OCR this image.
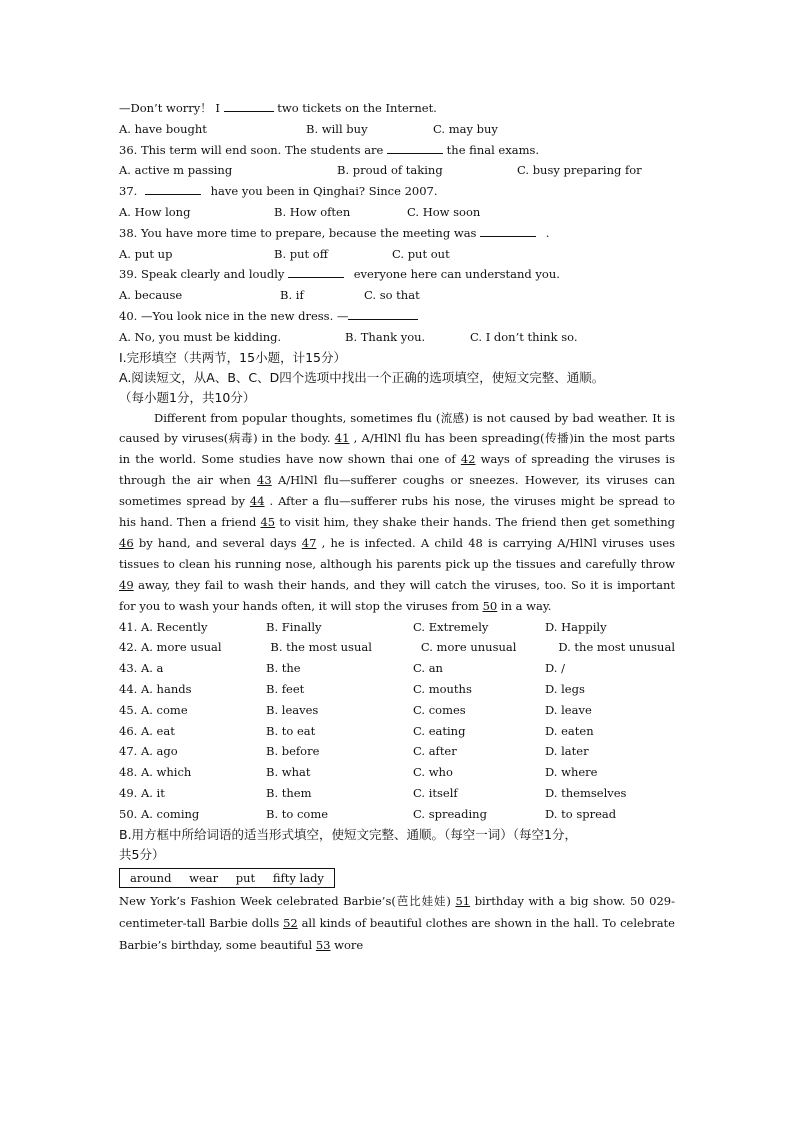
—Don’t worry！ I	two tickets on the Internet.
A. have bought	B. will buy	C. may buy
36. This term will end soon. The students are	the final exams.
A. active m passing	B. proud of taking	C. busy preparing for
37.	have you been in Qinghai? Since 2007.
A. How long	B. How often	C. How soon
38. You have more time to prepare, because the meeting was	.
A. put up	B. put off	C. put out
39. Speak clearly and loudly	everyone here can understand you.
A. because	B. if	C. so that
40. —You look nice in the new dress. —
A. No, you must be kidding.	B. Thank you.	C. I don’t think so.
I.完形填空（共两节，15小题，计15分）
A.阅读短文，从A、B、C、D四个选项中找出一个正确的选项填空，使短文完整、通顺。
（每小题1分，共10分）

Different from popular thoughts, sometimes flu (流感) is not caused by bad weather. It is caused by viruses(病毒) in the body. 41 , A/HlNl flu has been spreading(传播)in the most parts in the world. Some studies have now shown thai one of 42 ways of spreading the viruses is through the air when 43 A/HlNl flu—sufferer coughs or sneezes. However, its viruses can sometimes spread by 44 . After a flu—sufferer rubs his nose, the viruses might be spread to his hand. Then a friend 45 to visit him, they shake their hands. The friend then get something 46 by hand, and several days 47 , he is infected. A child 48 is carrying A/HlNl viruses uses tissues to clean his running nose, although his parents pick up the tissues and carefully throw 49 away, they fail to wash their hands, and they will catch the viruses, too. So it is important for you to wash your hands often, it will stop the viruses from 50 in a way.

41. A. Recently	B. Finally	C. Extremely	D. Happily
42. A. more usual	B. the most usual	C. more unusual	D. the most unusual
43. A. a	B. the	C. an	D. /
44. A. hands	B. feet	C. mouths	D. legs
45. A. come	B. leaves	C. comes	D. leave
46. A. eat	B. to eat	C. eating	D. eaten
47. A. ago	B. before	C. after	D. later
48. A. which	B. what	C. who	D. where
49. A. it	B. them	C. itself	D. themselves
50. A. coming	B. to come	C. spreading	D. to spread
B.用方框中所给词语的适当形式填空，使短文完整、通顺。（每空一词）（每空1分，
共5分）
around wear put fifty lady

New York’s Fashion Week celebrated Barbie’s(芭比娃娃) 51 birthday with a big show. 50 029- centimeter-tall Barbie dolls 52 all kinds of beautiful clothes are shown in the hall. To celebrate Barbie’s birthday, some beautiful 53 wore
